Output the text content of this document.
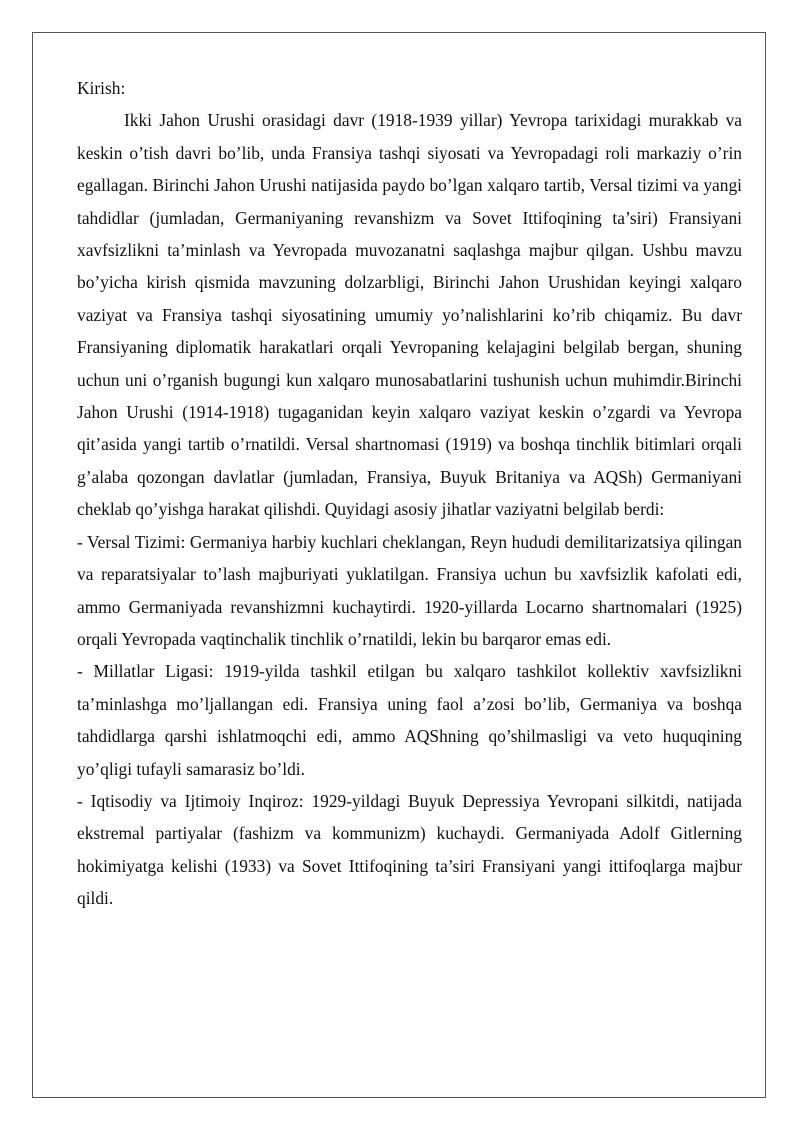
Kirish:

Ikki Jahon Urushi orasidagi davr (1918-1939 yillar) Yevropa tarixidagi murakkab va keskin o’tish davri bo’lib, unda Fransiya tashqi siyosati va Yevropadagi roli markaziy o’rin egallagan. Birinchi Jahon Urushi natijasida paydo bo’lgan xalqaro tartib, Versal tizimi va yangi tahdidlar (jumladan, Germaniyaning revanshizm va Sovet Ittifoqining ta’siri) Fransiyani xavfsizlikni ta’minlash va Yevropada muvozanatni saqlashga majbur qilgan. Ushbu mavzu bo’yicha kirish qismida mavzuning dolzarbligi, Birinchi Jahon Urushidan keyingi xalqaro vaziyat va Fransiya tashqi siyosatining umumiy yo’nalishlarini ko’rib chiqamiz. Bu davr Fransiyaning diplomatik harakatlari orqali Yevropaning kelajagini belgilab bergan, shuning uchun uni o’rganish bugungi kun xalqaro munosabatlarini tushunish uchun muhimdir.Birinchi Jahon Urushi (1914-1918) tugaganidan keyin xalqaro vaziyat keskin o’zgardi va Yevropa qit’asida yangi tartib o’rnatildi. Versal shartnomasi (1919) va boshqa tinchlik bitimlari orqali g’alaba qozongan davlatlar (jumladan, Fransiya, Buyuk Britaniya va AQSh) Germaniyani cheklab qo’yishga harakat qilishdi. Quyidagi asosiy jihatlar vaziyatni belgilab berdi:

- Versal Tizimi: Germaniya harbiy kuchlari cheklangan, Reyn hududi demilitarizatsiya qilingan va reparatsiyalar to’lash majburiyati yuklatilgan. Fransiya uchun bu xavfsizlik kafolati edi, ammo Germaniyada revanshizmni kuchaytirdi. 1920-yillarda Locarno shartnomalari (1925) orqali Yevropada vaqtinchalik tinchlik o’rnatildi, lekin bu barqaror emas edi.

- Millatlar Ligasi: 1919-yilda tashkil etilgan bu xalqaro tashkilot kollektiv xavfsizlikni ta’minlashga mo’ljallangan edi. Fransiya uning faol a’zosi bo’lib, Germaniya va boshqa tahdidlarga qarshi ishlatmoqchi edi, ammo AQShning qo’shilmasligi va veto huquqining yo’qligi tufayli samarasiz bo’ldi.

- Iqtisodiy va Ijtimoiy Inqiroz: 1929-yildagi Buyuk Depressiya Yevropani silkitdi, natijada ekstremal partiyalar (fashizm va kommunizm) kuchaydi. Germaniyada Adolf Gitlerning hokimiyatga kelishi (1933) va Sovet Ittifoqining ta’siri Fransiyani yangi ittifoqlarga majbur qildi.
